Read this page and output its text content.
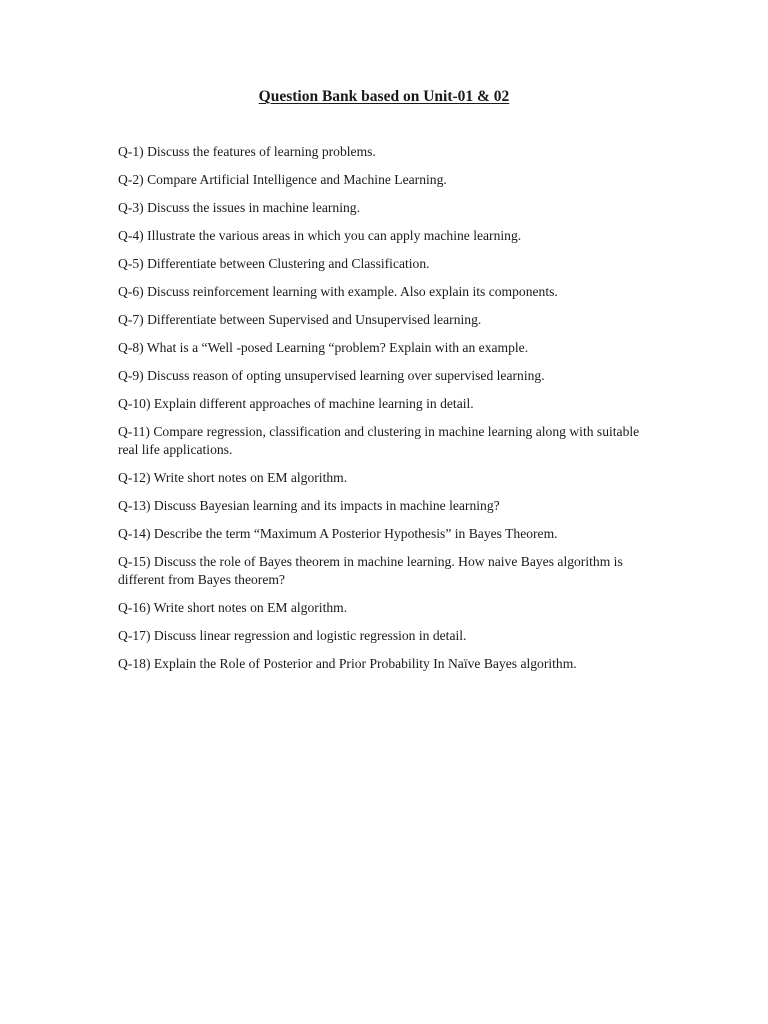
Question Bank based on Unit-01 & 02
Q-1) Discuss the features of learning problems.
Q-2) Compare Artificial Intelligence and Machine Learning.
Q-3) Discuss the issues in machine learning.
Q-4) Illustrate the various areas in which you can apply machine learning.
Q-5) Differentiate between Clustering and Classification.
Q-6) Discuss reinforcement learning with example. Also explain its components.
Q-7) Differentiate between Supervised and Unsupervised learning.
Q-8) What is a “Well -posed Learning “problem? Explain with an example.
Q-9) Discuss reason of opting unsupervised learning over supervised learning.
Q-10) Explain different approaches of machine learning in detail.
Q-11) Compare regression, classification and clustering in machine learning along with suitable real life applications.
Q-12) Write short notes on EM algorithm.
Q-13) Discuss Bayesian learning and its impacts in machine learning?
Q-14) Describe the term “Maximum A Posterior Hypothesis” in Bayes Theorem.
Q-15) Discuss the role of Bayes theorem in machine learning. How naive Bayes algorithm is different from Bayes theorem?
Q-16) Write short notes on EM algorithm.
Q-17) Discuss linear regression and logistic regression in detail.
Q-18) Explain the Role of Posterior and Prior Probability In Naïve Bayes algorithm.
